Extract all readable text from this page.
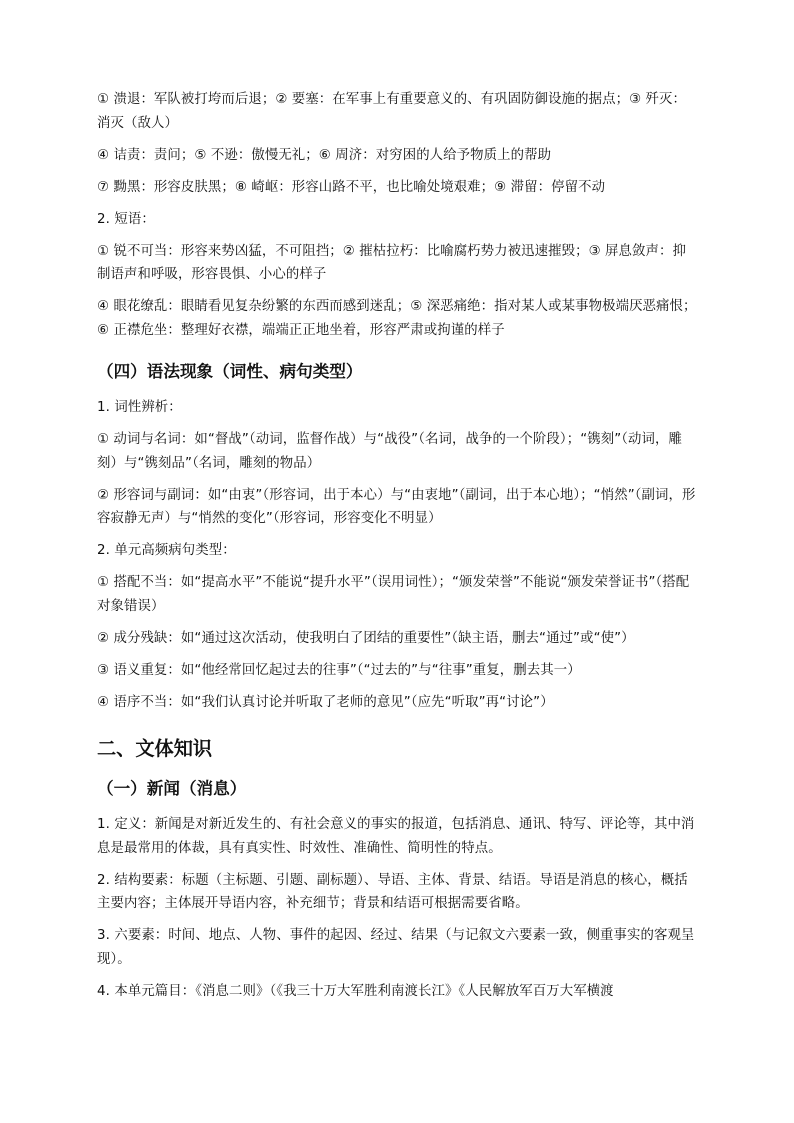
① 溃退：军队被打垮而后退；② 要塞：在军事上有重要意义的、有巩固防御设施的据点；③ 歼灭：消灭（敌人）

④ 诘责：责问；⑤ 不逊：傲慢无礼；⑥ 周济：对穷困的人给予物质上的帮助

⑦ 黝黑：形容皮肤黑；⑧ 崎岖：形容山路不平，也比喻处境艰难；⑨ 滞留：停留不动

2. 短语：

① 锐不可当：形容来势凶猛，不可阻挡；② 摧枯拉朽：比喻腐朽势力被迅速摧毁；③ 屏息敛声：抑制语声和呼吸，形容畏惧、小心的样子

④ 眼花缭乱：眼睛看见复杂纷繁的东西而感到迷乱；⑤ 深恶痛绝：指对某人或某事物极端厌恶痛恨；⑥ 正襟危坐：整理好衣襟，端端正正地坐着，形容严肃或拘谨的样子

（四）语法现象（词性、病句类型）

1. 词性辨析：

① 动词与名词：如“督战”（动词，监督作战）与“战役”（名词，战争的一个阶段）；“镌刻”（动词，雕刻）与“镌刻品”（名词，雕刻的物品）

② 形容词与副词：如“由衷”（形容词，出于本心）与“由衷地”（副词，出于本心地）；“悄然”（副词，形容寂静无声）与“悄然的变化”（形容词，形容变化不明显）

2. 单元高频病句类型：

① 搭配不当：如“提高水平”不能说“提升水平”（误用词性）；“颁发荣誉”不能说“颁发荣誉证书”（搭配对象错误）

② 成分残缺：如“通过这次活动，使我明白了团结的重要性”（缺主语，删去“通过”或“使”）

③ 语义重复：如“他经常回忆起过去的往事”（“过去的”与“往事”重复，删去其一）

④ 语序不当：如“我们认真讨论并听取了老师的意见”（应先“听取”再“讨论”）

二、文体知识
（一）新闻（消息）

1. 定义：新闻是对新近发生的、有社会意义的事实的报道，包括消息、通讯、特写、评论等，其中消息是最常用的体裁，具有真实性、时效性、准确性、简明性的特点。

2. 结构要素：标题（主标题、引题、副标题）、导语、主体、背景、结语。导语是消息的核心，概括主要内容；主体展开导语内容，补充细节；背景和结语可根据需要省略。

3. 六要素：时间、地点、人物、事件的起因、经过、结果（与记叙文六要素一致，侧重事实的客观呈现）。

4. 本单元篇目：《消息二则》（《我三十万大军胜利南渡长江》《人民解放军百万大军横渡
